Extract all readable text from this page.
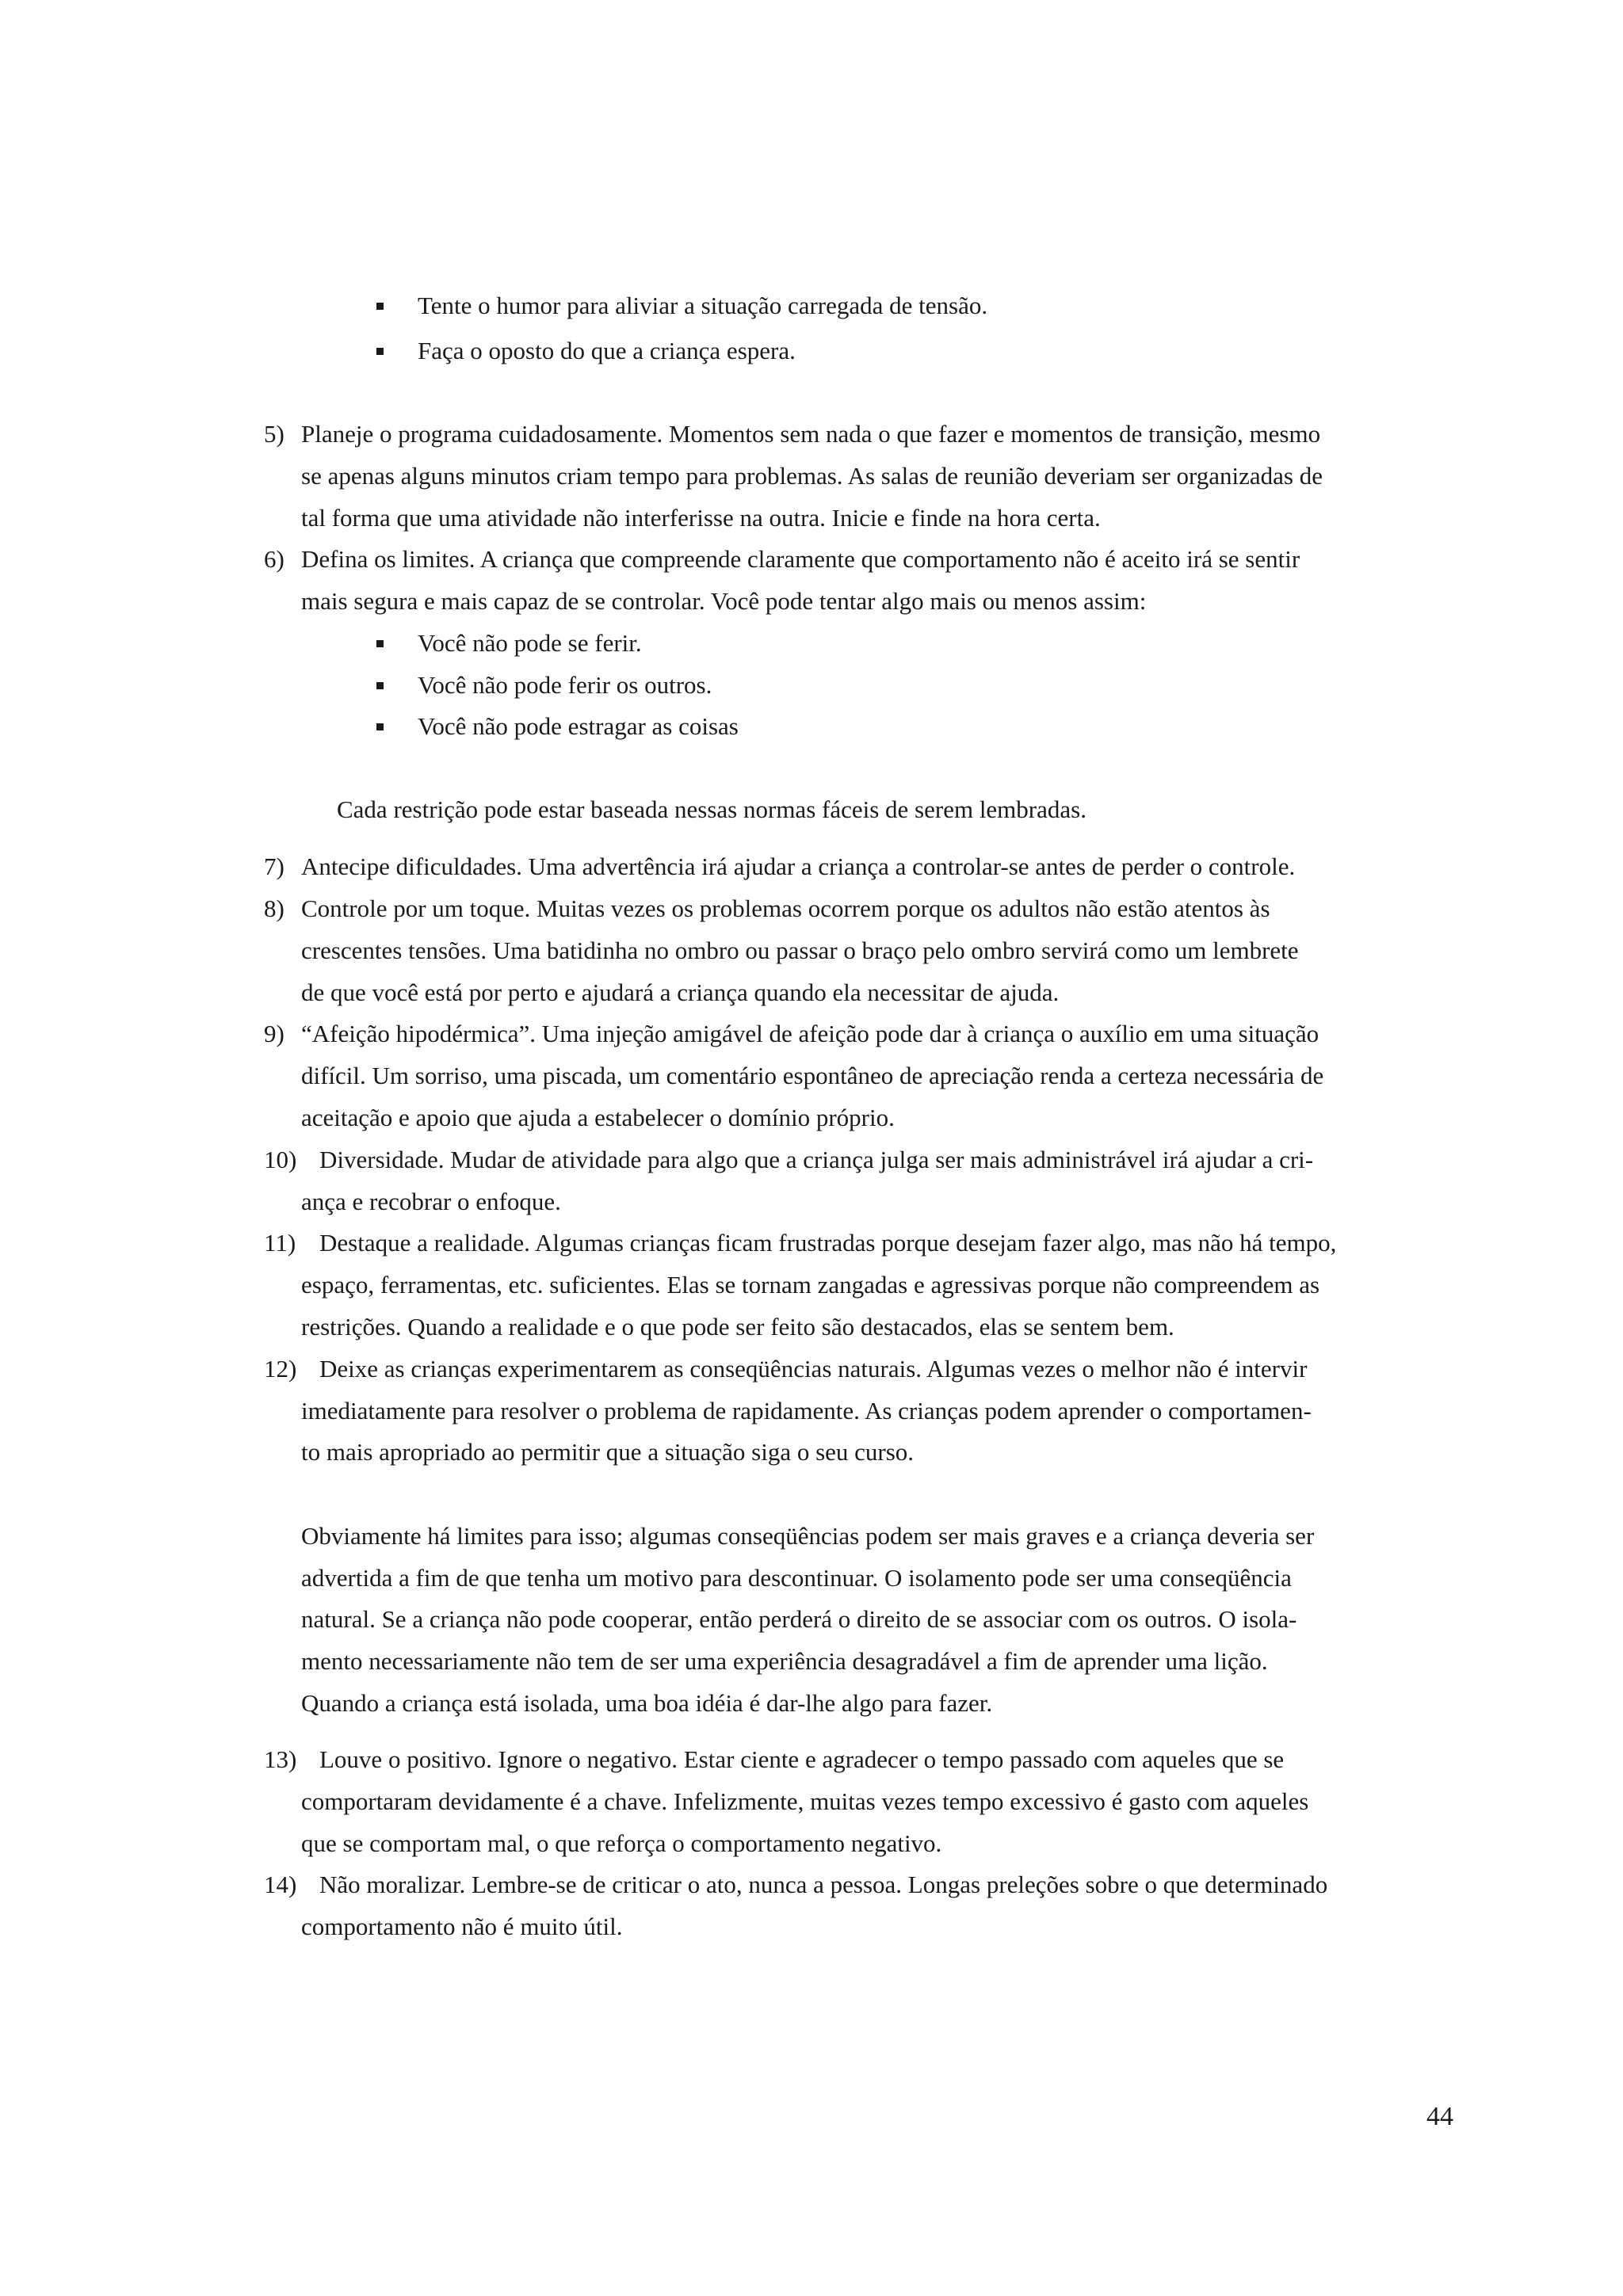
Tente o humor para aliviar a situação carregada de tensão.
Faça o oposto do que a criança espera.
5) Planeje o programa cuidadosamente. Momentos sem nada o que fazer e momentos de transição, mesmo
se apenas alguns minutos criam tempo para problemas. As salas de reunião deveriam ser organizadas de
tal forma que uma atividade não interferisse na outra. Inicie e finde na hora certa.
6) Defina os limites. A criança que compreende claramente que comportamento não é aceito irá se sentir
mais segura e mais capaz de se controlar. Você pode tentar algo mais ou menos assim:
Você não pode se ferir.
Você não pode ferir os outros.
Você não pode estragar as coisas
Cada restrição pode estar baseada nessas normas fáceis de serem lembradas.
7) Antecipe dificuldades. Uma advertência irá ajudar a criança a controlar-se antes de perder o controle.
8) Controle por um toque. Muitas vezes os problemas ocorrem porque os adultos não estão atentos às
crescentes tensões. Uma batidinha no ombro ou passar o braço pelo ombro servirá como um lembrete
de que você está por perto e ajudará a criança quando ela necessitar de ajuda.
9) “Afeição hipodérmica”. Uma injeção amigável de afeição pode dar à criança o auxílio em uma situação
difícil. Um sorriso, uma piscada, um comentário espontâneo de apreciação renda a certeza necessária de
aceitação e apoio que ajuda a estabelecer o domínio próprio.
10) Diversidade. Mudar de atividade para algo que a criança julga ser mais administrável irá ajudar a cri-
ança e recobrar o enfoque.
11) Destaque a realidade. Algumas crianças ficam frustradas porque desejam fazer algo, mas não há tempo,
espaço, ferramentas, etc. suficientes. Elas se tornam zangadas e agressivas porque não compreendem as
restrições. Quando a realidade e o que pode ser feito são destacados, elas se sentem bem.
12) Deixe as crianças experimentarem as conseqüências naturais. Algumas vezes o melhor não é intervir
imediatamente para resolver o problema de rapidamente. As crianças podem aprender o comportamen-
to mais apropriado ao permitir que a situação siga o seu curso.
Obviamente há limites para isso; algumas conseqüências podem ser mais graves e a criança deveria ser
advertida a fim de que tenha um motivo para descontinuar. O isolamento pode ser uma conseqüência
natural. Se a criança não pode cooperar, então perderá o direito de se associar com os outros. O isola-
mento necessariamente não tem de ser uma experiência desagradável a fim de aprender uma lição.
Quando a criança está isolada, uma boa idéia é dar-lhe algo para fazer.
13) Louve o positivo. Ignore o negativo. Estar ciente e agradecer o tempo passado com aqueles que se
comportaram devidamente é a chave. Infelizmente, muitas vezes tempo excessivo é gasto com aqueles
que se comportam mal, o que reforça o comportamento negativo.
14) Não moralizar. Lembre-se de criticar o ato, nunca a pessoa. Longas preleções sobre o que determinado
comportamento não é muito útil.
44
